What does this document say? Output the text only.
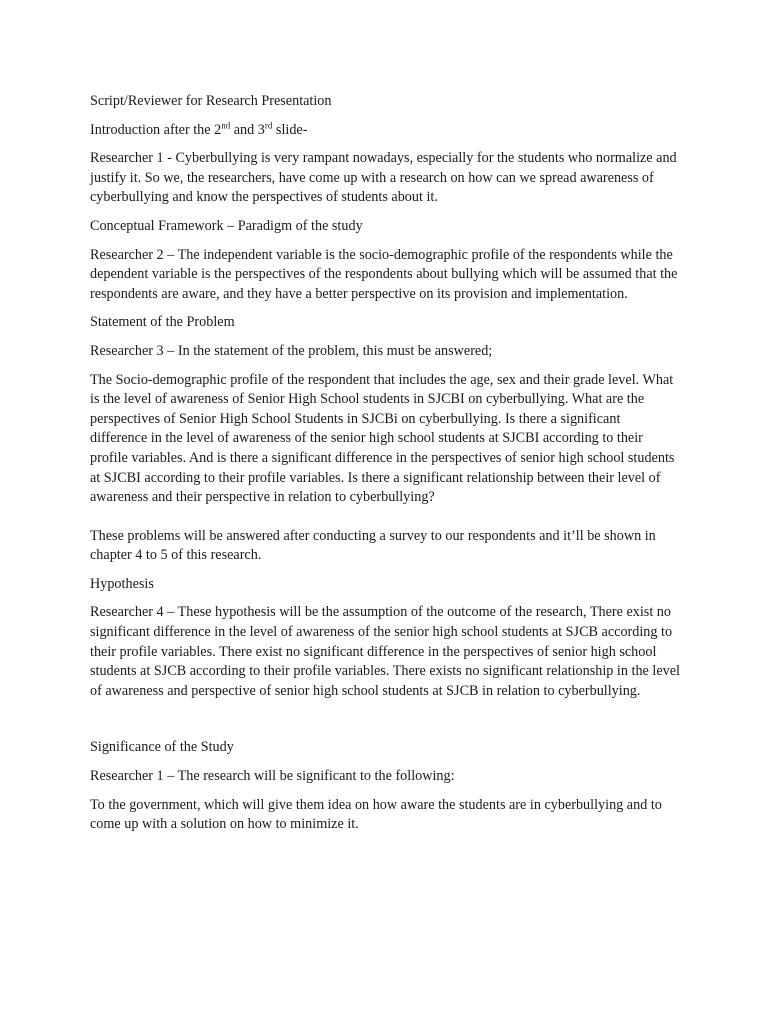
Script/Reviewer for Research Presentation

Introduction after the 2nd and 3rd slide-

Researcher 1 - Cyberbullying is very rampant nowadays, especially for the students who normalize and justify it. So we, the researchers, have come up with a research on how can we spread awareness of cyberbullying and know the perspectives of students about it.

Conceptual Framework – Paradigm of the study

Researcher 2 – The independent variable is the socio-demographic profile of the respondents while the dependent variable is the perspectives of the respondents about bullying which will be assumed that the respondents are aware, and they have a better perspective on its provision and implementation.

Statement of the Problem

Researcher 3 – In the statement of the problem, this must be answered;

The Socio-demographic profile of the respondent that includes the age, sex and their grade level. What is the level of awareness of Senior High School students in SJCBI on cyberbullying. What are the perspectives of Senior High School Students in SJCBi on cyberbullying. Is there a significant difference in the level of awareness of the senior high school students at SJCBI according to their profile variables. And is there a significant difference in the perspectives of senior high school students at SJCBI according to their profile variables. Is there a significant relationship between their level of awareness and their perspective in relation to cyberbullying?

These problems will be answered after conducting a survey to our respondents and it’ll be shown in chapter 4 to 5 of this research.

Hypothesis

Researcher 4 – These hypothesis will be the assumption of the outcome of the research, There exist no significant difference in the level of awareness of the senior high school students at SJCB according to their profile variables. There exist no significant difference in the perspectives of senior high school students at SJCB according to their profile variables. There exists no significant relationship in the level of awareness and perspective of senior high school students at SJCB in relation to cyberbullying.

Significance of the Study

Researcher 1 – The research will be significant to the following:

To the government, which will give them idea on how aware the students are in cyberbullying and to come up with a solution on how to minimize it.
